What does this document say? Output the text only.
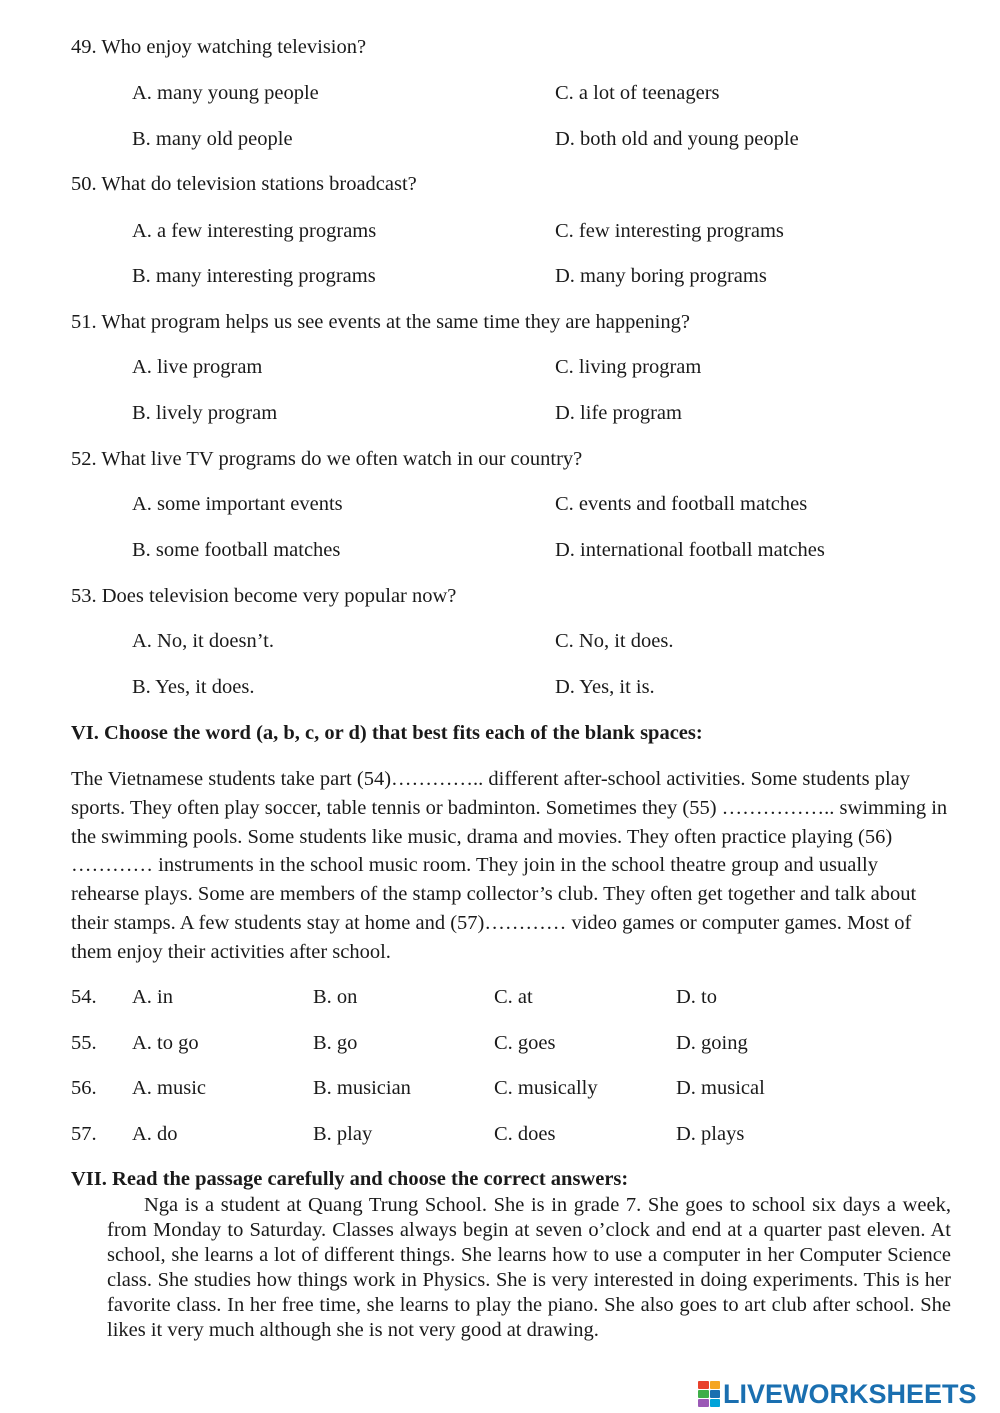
49. Who enjoy watching television?
A. many young people	C. a lot of teenagers
B. many old people	D. both old and young people
50. What do television stations broadcast?
A. a few interesting programs	C. few interesting programs
B. many interesting programs	D. many boring programs
51. What program helps us see events at the same time they are happening?
A. live program	C. living program
B. lively program	D. life program
52. What live TV programs do we often watch in our country?
A. some important events	C. events and football matches
B. some football matches	D. international football matches
53. Does television become very popular now?
A. No, it doesn’t.	C. No, it does.
B. Yes, it does.	D. Yes, it is.
VI. Choose the word (a, b, c, or d) that best fits each of the blank spaces:
The Vietnamese students take part (54)………….. different after-school activities. Some students play sports. They often play soccer, table tennis or badminton. Sometimes they (55) …………….. swimming in the swimming pools. Some students like music, drama and movies. They often practice playing (56) ………… instruments in the school music room. They join in the school theatre group and usually rehearse plays. Some are members of the stamp collector’s club. They often get together and talk about their stamps. A few students stay at home and (57)………… video games or computer games. Most of them enjoy their activities after school.
54. A. in	B. on	C. at	D. to
55. A. to go	B. go	C. goes	D. going
56. A. music	B. musician	C. musically	D. musical
57. A. do	B. play	C. does	D. plays
VII. Read the passage carefully and choose the correct answers:

Nga is a student at Quang Trung School. She is in grade 7. She goes to school six days a week, from Monday to Saturday. Classes always begin at seven o’clock and end at a quarter past eleven. At school, she learns a lot of different things. She learns how to use a computer in her Computer Science class. She studies how things work in Physics. She is very interested in doing experiments. This is her favorite class. In her free time, she learns to play the piano. She also goes to art club after school. She likes it very much although she is not very good at drawing.

LIVEWORKSHEETS
